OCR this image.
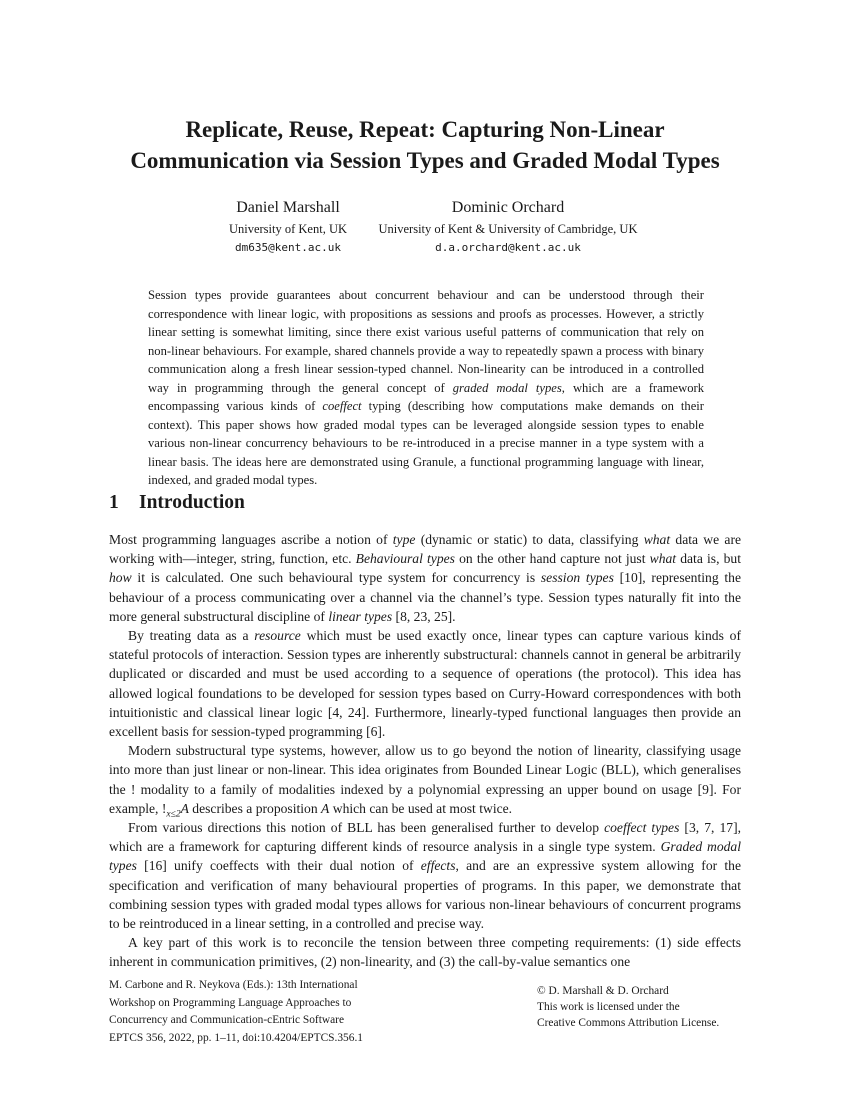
Replicate, Reuse, Repeat: Capturing Non-Linear
Communication via Session Types and Graded Modal Types
Daniel Marshall
University of Kent, UK
dm635@kent.ac.uk
Dominic Orchard
University of Kent & University of Cambridge, UK
d.a.orchard@kent.ac.uk
Session types provide guarantees about concurrent behaviour and can be understood through their correspondence with linear logic, with propositions as sessions and proofs as processes. However, a strictly linear setting is somewhat limiting, since there exist various useful patterns of communication that rely on non-linear behaviours. For example, shared channels provide a way to repeatedly spawn a process with binary communication along a fresh linear session-typed channel. Non-linearity can be introduced in a controlled way in programming through the general concept of graded modal types, which are a framework encompassing various kinds of coeffect typing (describing how computations make demands on their context). This paper shows how graded modal types can be leveraged alongside session types to enable various non-linear concurrency behaviours to be re-introduced in a precise manner in a type system with a linear basis. The ideas here are demonstrated using Granule, a functional programming language with linear, indexed, and graded modal types.
1 Introduction

Most programming languages ascribe a notion of type (dynamic or static) to data, classifying what data we are working with—integer, string, function, etc. Behavioural types on the other hand capture not just what data is, but how it is calculated. One such behavioural type system for concurrency is session types [10], representing the behaviour of a process communicating over a channel via the channel’s type. Session types naturally fit into the more general substructural discipline of linear types [8, 23, 25].

By treating data as a resource which must be used exactly once, linear types can capture various kinds of stateful protocols of interaction. Session types are inherently substructural: channels cannot in general be arbitrarily duplicated or discarded and must be used according to a sequence of operations (the protocol). This idea has allowed logical foundations to be developed for session types based on Curry-Howard correspondences with both intuitionistic and classical linear logic [4, 24]. Furthermore, linearly-typed functional languages then provide an excellent basis for session-typed programming [6].

Modern substructural type systems, however, allow us to go beyond the notion of linearity, classifying usage into more than just linear or non-linear. This idea originates from Bounded Linear Logic (BLL), which generalises the ! modality to a family of modalities indexed by a polynomial expressing an upper bound on usage [9]. For example, $!_{x\le 2}A$ describes a proposition A which can be used at most twice.

From various directions this notion of BLL has been generalised further to develop coeffect types [3, 7, 17], which are a framework for capturing different kinds of resource analysis in a single type system. Graded modal types [16] unify coeffects with their dual notion of effects, and are an expressive system allowing for the specification and verification of many behavioural properties of programs. In this paper, we demonstrate that combining session types with graded modal types allows for various non-linear behaviours of concurrent programs to be reintroduced in a linear setting, in a controlled and precise way.

A key part of this work is to reconcile the tension between three competing requirements: (1) side effects inherent in communication primitives, (2) non-linearity, and (3) the call-by-value semantics one

M. Carbone and R. Neykova (Eds.): 13th International
Workshop on Programming Language Approaches to
Concurrency and Communication-cEntric Software
EPTCS 356, 2022, pp. 1–11, doi:10.4204/EPTCS.356.1
© D. Marshall & D. Orchard
This work is licensed under the
Creative Commons Attribution License.
